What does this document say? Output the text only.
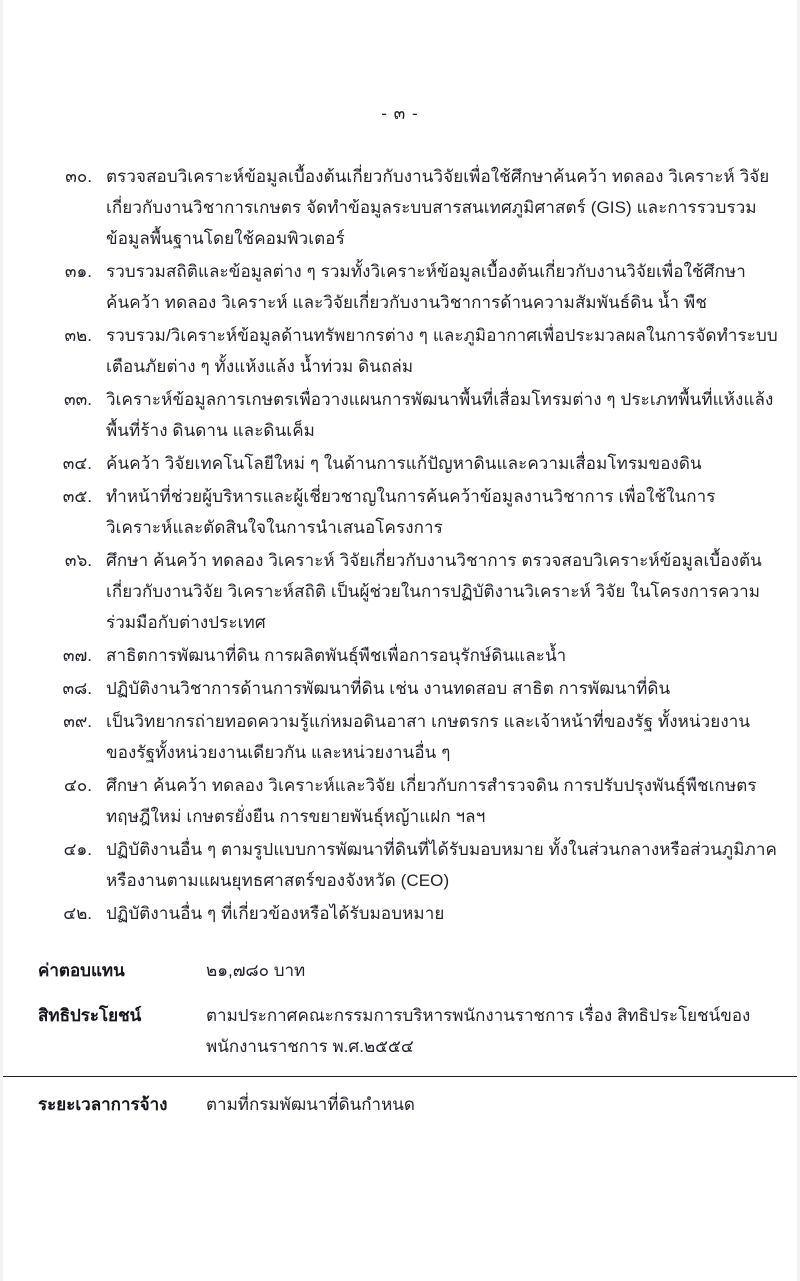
- ๓ -
๓๐. ตรวจสอบวิเคราะห์ข้อมูลเบื้องต้นเกี่ยวกับงานวิจัยเพื่อใช้ศึกษาค้นคว้า ทดลอง วิเคราะห์ วิจัย เกี่ยวกับงานวิชาการเกษตร จัดทำข้อมูลระบบสารสนเทศภูมิศาสตร์ (GIS) และการรวบรวมข้อมูลพื้นฐานโดยใช้คอมพิวเตอร์
๓๑. รวบรวมสถิติและข้อมูลต่าง ๆ รวมทั้งวิเคราะห์ข้อมูลเบื้องต้นเกี่ยวกับงานวิจัยเพื่อใช้ศึกษาค้นคว้า ทดลอง วิเคราะห์ และวิจัยเกี่ยวกับงานวิชาการด้านความสัมพันธ์ดิน น้ำ พืช
๓๒. รวบรวม/วิเคราะห์ข้อมูลด้านทรัพยากรต่าง ๆ และภูมิอากาศเพื่อประมวลผลในการจัดทำระบบเตือนภัยต่าง ๆ ทั้งแห้งแล้ง น้ำท่วม ดินถล่ม
๓๓. วิเคราะห์ข้อมูลการเกษตรเพื่อวางแผนการพัฒนาพื้นที่เสื่อมโทรมต่าง ๆ ประเภทพื้นที่แห้งแล้ง พื้นที่ร้าง ดินดาน และดินเค็ม
๓๔. ค้นคว้า วิจัยเทคโนโลยีใหม่ ๆ ในด้านการแก้ปัญหาดินและความเสื่อมโทรมของดิน
๓๕. ทำหน้าที่ช่วยผู้บริหารและผู้เชี่ยวชาญในการค้นคว้าข้อมูลงานวิชาการ เพื่อใช้ในการวิเคราะห์และตัดสินใจในการนำเสนอโครงการ
๓๖. ศึกษา ค้นคว้า ทดลอง วิเคราะห์ วิจัยเกี่ยวกับงานวิชาการ ตรวจสอบวิเคราะห์ข้อมูลเบื้องต้นเกี่ยวกับงานวิจัย วิเคราะห์สถิติ เป็นผู้ช่วยในการปฏิบัติงานวิเคราะห์ วิจัย ในโครงการความร่วมมือกับต่างประเทศ
๓๗. สาธิตการพัฒนาที่ดิน การผลิตพันธุ์พืชเพื่อการอนุรักษ์ดินและน้ำ
๓๘. ปฏิบัติงานวิชาการด้านการพัฒนาที่ดิน เช่น งานทดสอบ สาธิต การพัฒนาที่ดิน
๓๙. เป็นวิทยากรถ่ายทอดความรู้แก่หมอดินอาสา เกษตรกร และเจ้าหน้าที่ของรัฐ ทั้งหน่วยงานของรัฐทั้งหน่วยงานเดียวกัน และหน่วยงานอื่น ๆ
๔๐. ศึกษา ค้นคว้า ทดลอง วิเคราะห์และวิจัย เกี่ยวกับการสำรวจดิน การปรับปรุงพันธุ์พืชเกษตร ทฤษฎีใหม่ เกษตรยั่งยืน การขยายพันธุ์หญ้าแฝก ฯลฯ
๔๑. ปฏิบัติงานอื่น ๆ ตามรูปแบบการพัฒนาที่ดินที่ได้รับมอบหมาย ทั้งในส่วนกลางหรือส่วนภูมิภาค หรืองานตามแผนยุทธศาสตร์ของจังหวัด (CEO)
๔๒. ปฏิบัติงานอื่น ๆ ที่เกี่ยวข้องหรือได้รับมอบหมาย
ค่าตอบแทน	๒๑,๗๘๐ บาท
สิทธิประโยชน์	ตามประกาศคณะกรรมการบริหารพนักงานราชการ เรื่อง สิทธิประโยชน์ของพนักงานราชการ พ.ศ.๒๕๕๔
ระยะเวลาการจ้าง	ตามที่กรมพัฒนาที่ดินกำหนด
